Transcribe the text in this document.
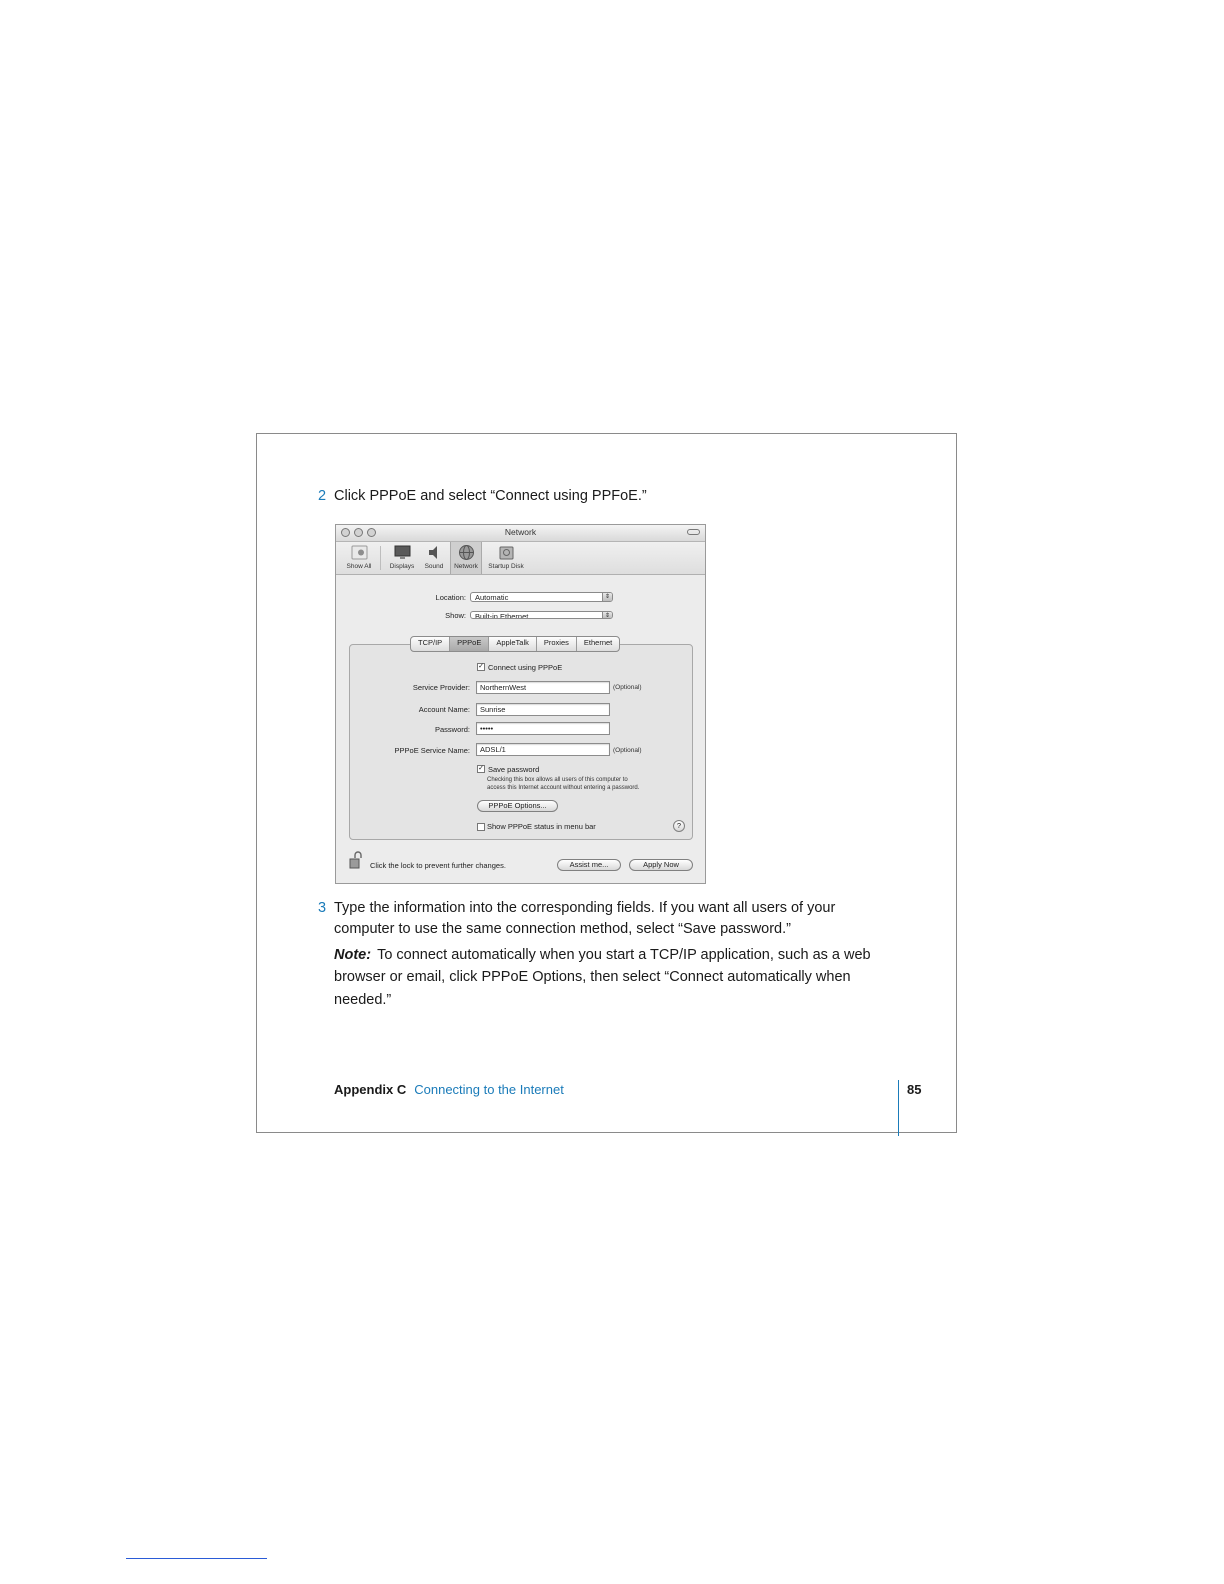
2 Click PPPoE and select “Connect using PPFoE.”
Network
Show All	Displays	Sound	Network	Startup Disk
Location:	Automatic	⇕
Show:	Built-in Ethernet	⇕
TCP/IP	PPPoE	AppleTalk	Proxies	Ethernet
✓ Connect using PPPoE
Service Provider:	NorthernWest	(Optional)
Account Name:	Sunrise
Password:	•••••
PPPoE Service Name:	ADSL/1	(Optional)
✓ Save password
Checking this box allows all users of this computer to
access this Internet account without entering a password.
PPPoE Options...
Show PPPoE status in menu bar	?
Click the lock to prevent further changes.	Assist me...	Apply Now
3 Type the information into the corresponding fields. If you want all users of your
computer to use the same connection method, select “Save password.”
Note: To connect automatically when you start a TCP/IP application, such as a web
browser or email, click PPPoE Options, then select “Connect automatically when
needed.”
Appendix C Connecting to the Internet	85
